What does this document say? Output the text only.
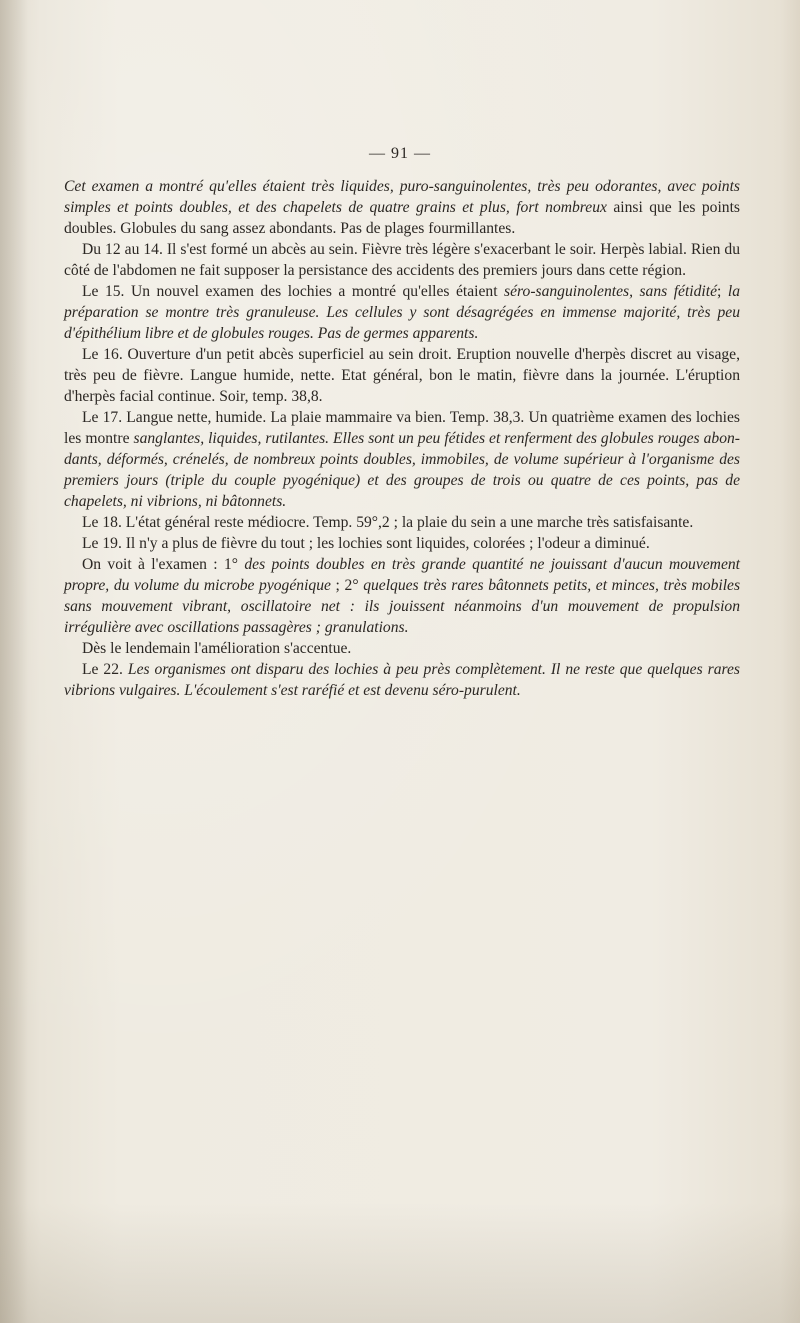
— 91 —

Cet examen a montré qu'elles étaient très liquides, puro-sanguinolentes, très peu odorantes, avec points simples et points doubles, et des chapelets de quatre grains et plus, fort nombreux ainsi que les points doubles. Globules du sang assez abondants. Pas de plages fourmillantes.

Du 12 au 14. Il s'est formé un abcès au sein. Fièvre très légère s'exacerbant le soir. Herpès labial. Rien du côté de l'abdomen ne fait supposer la persistance des accidents des premiers jours dans cette région.

Le 15. Un nouvel examen des lochies a montré qu'elles étaient séro-sanguinolentes, sans fétidité; la préparation se montre très granuleuse. Les cellules y sont désagrégées en immense majorité, très peu d'épithélium libre et de globules rouges. Pas de germes apparents.

Le 16. Ouverture d'un petit abcès superficiel au sein droit. Eruption nouvelle d'herpès discret au visage, très peu de fièvre. Langue humide, nette. Etat général, bon le matin, fièvre dans la journée. L'éruption d'herpès facial continue. Soir, temp. 38,8.

Le 17. Langue nette, humide. La plaie mammaire va bien. Temp. 38,3. Un quatrième examen des lochies les montre sanglantes, liquides, rutilantes. Elles sont un peu fétides et renferment des globules rouges abondants, déformés, crénelés, de nombreux points doubles, immobiles, de volume supérieur à l'organisme des premiers jours (triple du couple pyogénique) et des groupes de trois ou quatre de ces points, pas de chapelets, ni vibrions, ni bâtonnets.

Le 18. L'état général reste médiocre. Temp. 59°,2 ; la plaie du sein a une marche très satisfaisante.

Le 19. Il n'y a plus de fièvre du tout ; les lochies sont liquides, colorées ; l'odeur a diminué.

On voit à l'examen : 1° des points doubles en très grande quantité ne jouissant d'aucun mouvement propre, du volume du microbe pyogénique ; 2° quelques très rares bâtonnets petits, et minces, très mobiles sans mouvement vibrant, oscillatoire net : ils jouissent néanmoins d'un mouvement de propulsion irrégulière avec oscillations passagères ; granulations.

Dès le lendemain l'amélioration s'accentue.

Le 22. Les organismes ont disparu des lochies à peu près complètement. Il ne reste que quelques rares vibrions vulgaires. L'écoulement s'est raréfié et est devenu séro-purulent.
